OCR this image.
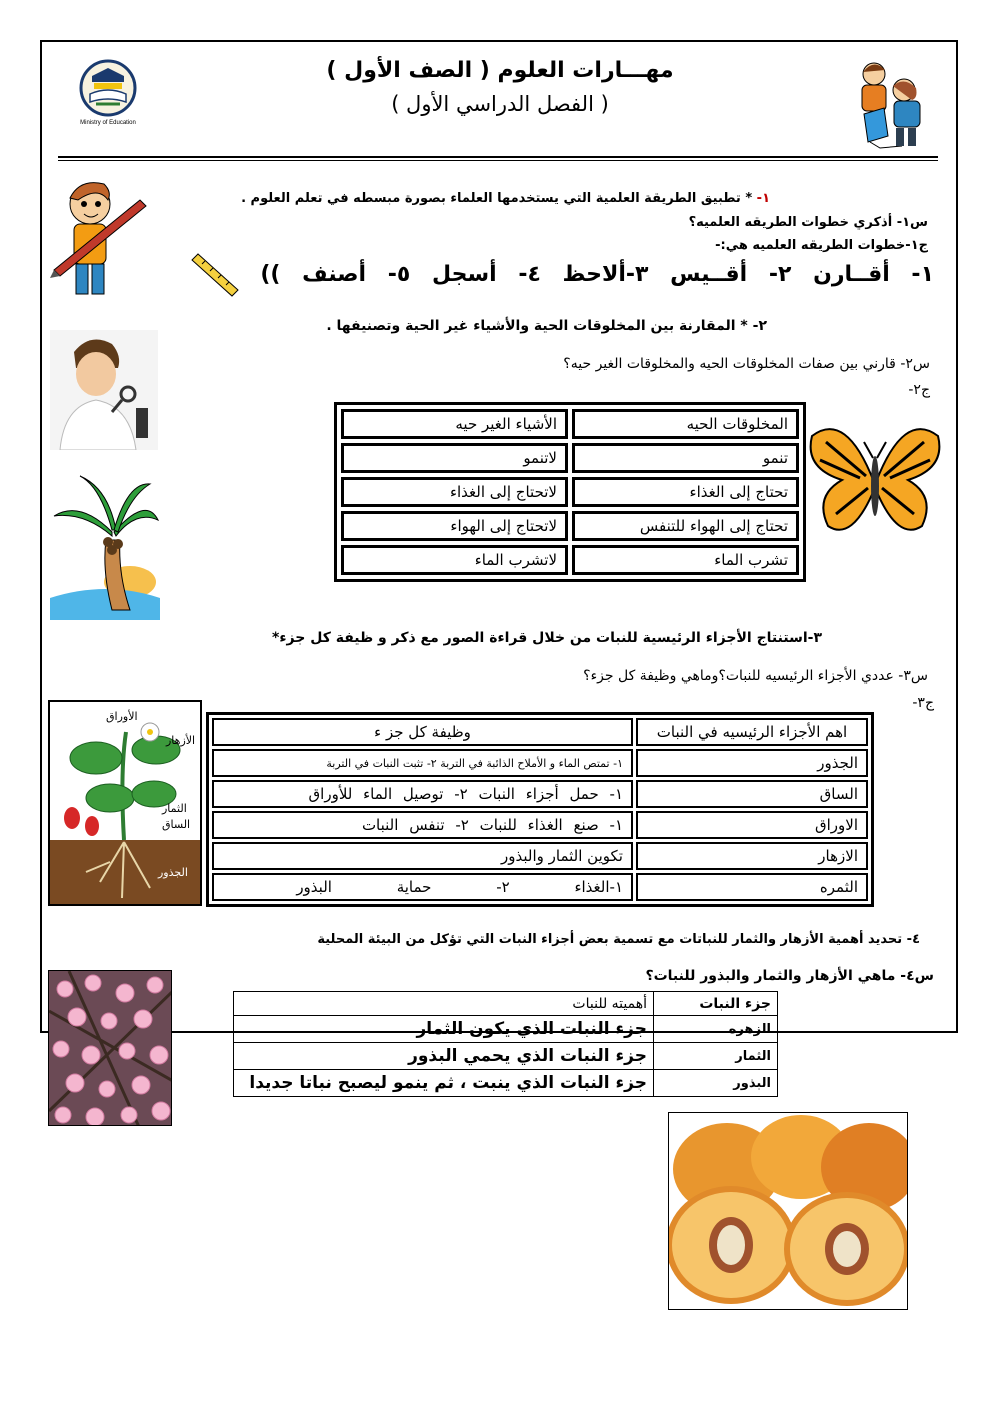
Ministry of Education
مهـــارات العلوم ( الصف الأول )
( الفصل الدراسي الأول )
١- * تطبيق الطريقة العلمية التي يستخدمها العلماء بصورة مبسطه في تعلم العلوم .
س١- أذكري خطوات الطريقه العلميه؟
ج١-خطوات الطريقه العلميه هي:-
١- أقــارن ٢- أقــيس ٣-ألاحظ ٤- أسجل ٥- أصنف ))
٢- * المقارنة بين المخلوقات الحية والأشياء غير الحية وتصنيفها .
س٢- قارني بين صفات المخلوقات الحيه والمخلوقات الغير حيه؟
ج٢-
المخلوقات الحيه	الأشياء الغير حيه
تنمو	لاتنمو
تحتاج إلى الغذاء	لاتحتاج إلى الغذاء
تحتاج إلى الهواء للتنفس	لاتحتاج إلى الهواء
تشرب الماء	لاتشرب الماء
٣-استنتاج الأجزاء الرئيسية للنبات من خلال قراءة الصور مع ذكر و ظيفة كل جزء*
س٣- عددي الأجزاء الرئيسيه للنبات؟وماهي وظيفة كل جزء؟
ج٣-
الأوراق
الأزهار
الثمار
الساق
الجذور
اهم الأجزاء الرئيسيه في النبات	وظيفة كل جز ء
الجذور	١- تمتص الماء و الأملاح الذائبة في التربة ٢- تثبت النبات في التربة
الساق	١- حمل أجزاء النبات ٢- توصيل الماء للأوراق
الاوراق	١- صنع الغذاء للنبات ٢- تنفس النبات
الازهار	تكوين الثمار والبذور
الثمره	١-الغذاء ٢- حماية البذور
٤- تحديد أهمية الأزهار والثمار للنباتات مع تسمية بعض أجزاء النبات التي تؤكل من البيئة المحلية
س٤- ماهي الأزهار والثمار والبذور للنبات؟
جزء النبات	أهميته للنبات
الزهره	جزء النبات الذي يكون الثمار
الثمار	جزء النبات الذي يحمي البذور
البذور	جزء النبات الذي ينبت ، ثم ينمو ليصبح نباتا جديدا
